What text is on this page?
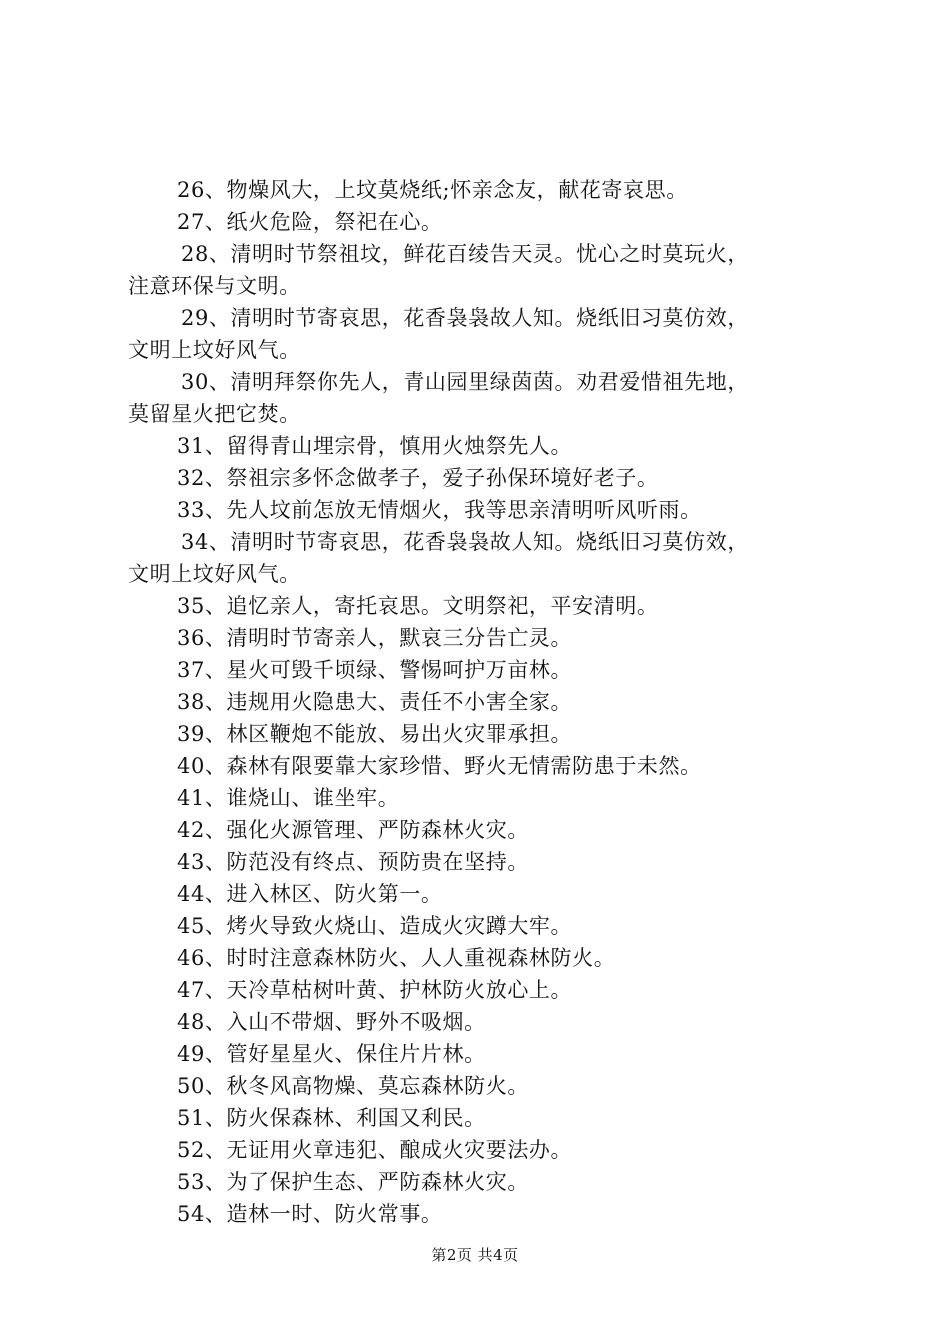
26、物燥风大，上坟莫烧纸;怀亲念友，献花寄哀思。
27、纸火危险，祭祀在心。
28、清明时节祭祖坟，鲜花百绫告天灵。忧心之时莫玩火，
注意环保与文明。
29、清明时节寄哀思，花香袅袅故人知。烧纸旧习莫仿效，
文明上坟好风气。
30、清明拜祭你先人，青山园里绿茵茵。劝君爱惜祖先地，
莫留星火把它焚。
31、留得青山埋宗骨，慎用火烛祭先人。
32、祭祖宗多怀念做孝子，爱子孙保环境好老子。
33、先人坟前怎放无情烟火，我等思亲清明听风听雨。
34、清明时节寄哀思，花香袅袅故人知。烧纸旧习莫仿效，
文明上坟好风气。
35、追忆亲人，寄托哀思。文明祭祀，平安清明。
36、清明时节寄亲人，默哀三分告亡灵。
37、星火可毁千顷绿、警惕呵护万亩林。
38、违规用火隐患大、责任不小害全家。
39、林区鞭炮不能放、易出火灾罪承担。
40、森林有限要靠大家珍惜、野火无情需防患于未然。
41、谁烧山、谁坐牢。
42、强化火源管理、严防森林火灾。
43、防范没有终点、预防贵在坚持。
44、进入林区、防火第一。
45、烤火导致火烧山、造成火灾蹲大牢。
46、时时注意森林防火、人人重视森林防火。
47、天冷草枯树叶黄、护林防火放心上。
48、入山不带烟、野外不吸烟。
49、管好星星火、保住片片林。
50、秋冬风高物燥、莫忘森林防火。
51、防火保森林、利国又利民。
52、无证用火章违犯、酿成火灾要法办。
53、为了保护生态、严防森林火灾。
54、造林一时、防火常事。
第2页 共4页
